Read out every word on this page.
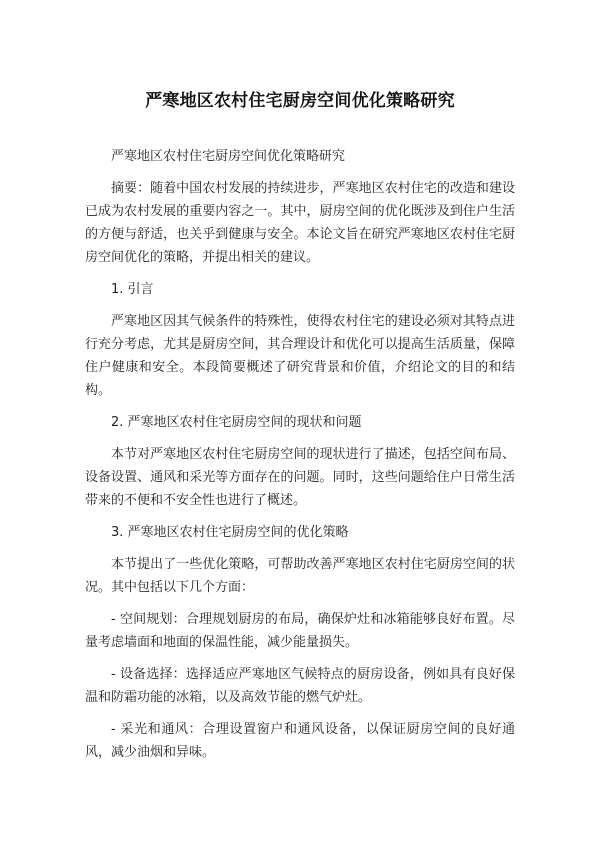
严寒地区农村住宅厨房空间优化策略研究

严寒地区农村住宅厨房空间优化策略研究

摘要：随着中国农村发展的持续进步，严寒地区农村住宅的改造和建设已成为农村发展的重要内容之一。其中，厨房空间的优化既涉及到住户生活的方便与舒适，也关乎到健康与安全。本论文旨在研究严寒地区农村住宅厨房空间优化的策略，并提出相关的建议。

1. 引言

严寒地区因其气候条件的特殊性，使得农村住宅的建设必须对其特点进行充分考虑，尤其是厨房空间，其合理设计和优化可以提高生活质量，保障住户健康和安全。本段简要概述了研究背景和价值，介绍论文的目的和结构。

2. 严寒地区农村住宅厨房空间的现状和问题

本节对严寒地区农村住宅厨房空间的现状进行了描述，包括空间布局、设备设置、通风和采光等方面存在的问题。同时，这些问题给住户日常生活带来的不便和不安全性也进行了概述。

3. 严寒地区农村住宅厨房空间的优化策略

本节提出了一些优化策略，可帮助改善严寒地区农村住宅厨房空间的状况。其中包括以下几个方面：

- 空间规划：合理规划厨房的布局，确保炉灶和冰箱能够良好布置。尽量考虑墙面和地面的保温性能，减少能量损失。

- 设备选择：选择适应严寒地区气候特点的厨房设备，例如具有良好保温和防霜功能的冰箱，以及高效节能的燃气炉灶。

- 采光和通风：合理设置窗户和通风设备，以保证厨房空间的良好通风，减少油烟和异味。
